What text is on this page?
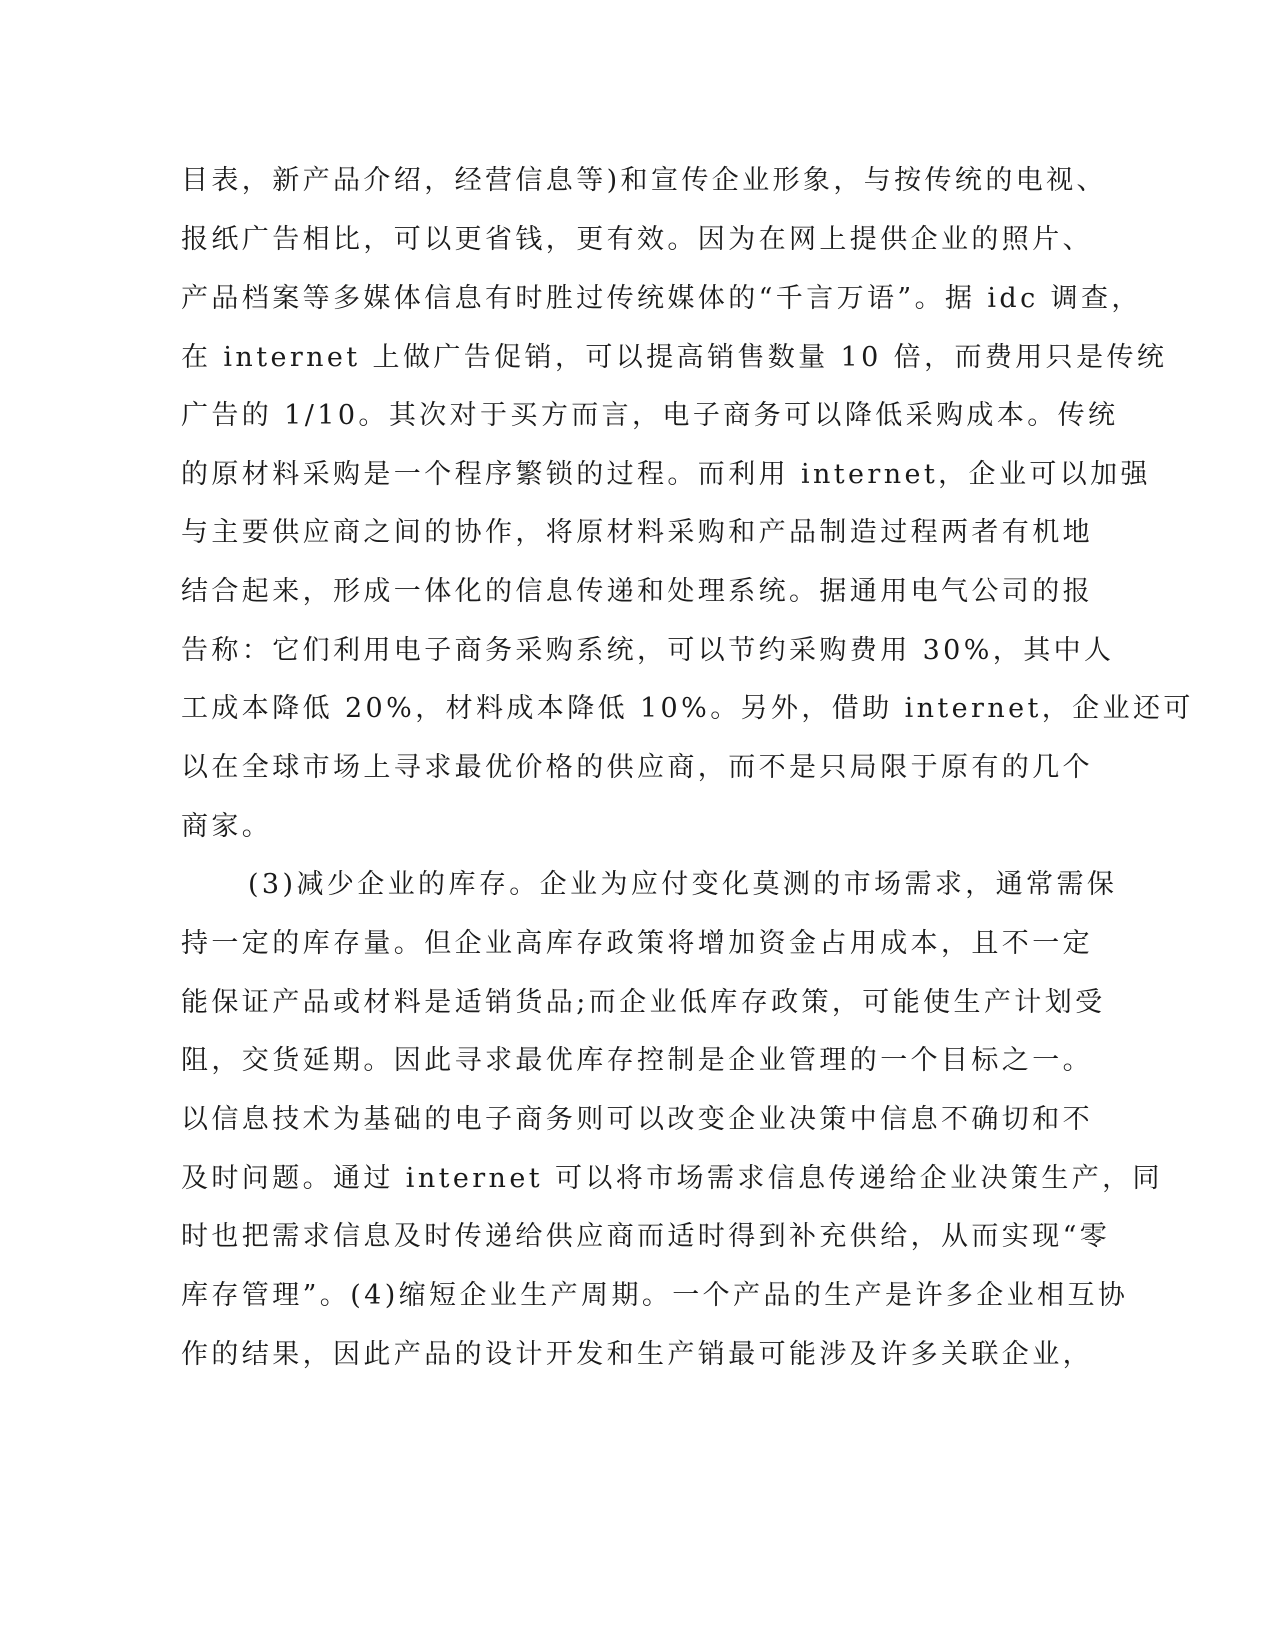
目表，新产品介绍，经营信息等)和宣传企业形象，与按传统的电视、
报纸广告相比，可以更省钱，更有效。因为在网上提供企业的照片、
产品档案等多媒体信息有时胜过传统媒体的“千言万语”。据 idc 调查，
在 internet 上做广告促销，可以提高销售数量 10 倍，而费用只是传统
广告的 1/10。其次对于买方而言，电子商务可以降低采购成本。传统
的原材料采购是一个程序繁锁的过程。而利用 internet，企业可以加强
与主要供应商之间的协作，将原材料采购和产品制造过程两者有机地
结合起来，形成一体化的信息传递和处理系统。据通用电气公司的报
告称：它们利用电子商务采购系统，可以节约采购费用 30%，其中人
工成本降低 20%，材料成本降低 10%。另外，借助 internet，企业还可
以在全球市场上寻求最优价格的供应商，而不是只局限于原有的几个
商家。
(3)减少企业的库存。企业为应付变化莫测的市场需求，通常需保
持一定的库存量。但企业高库存政策将增加资金占用成本，且不一定
能保证产品或材料是适销货品;而企业低库存政策，可能使生产计划受
阻，交货延期。因此寻求最优库存控制是企业管理的一个目标之一。
以信息技术为基础的电子商务则可以改变企业决策中信息不确切和不
及时问题。通过 internet 可以将市场需求信息传递给企业决策生产，同
时也把需求信息及时传递给供应商而适时得到补充供给，从而实现“零
库存管理”。(4)缩短企业生产周期。一个产品的生产是许多企业相互协
作的结果，因此产品的设计开发和生产销最可能涉及许多关联企业，
